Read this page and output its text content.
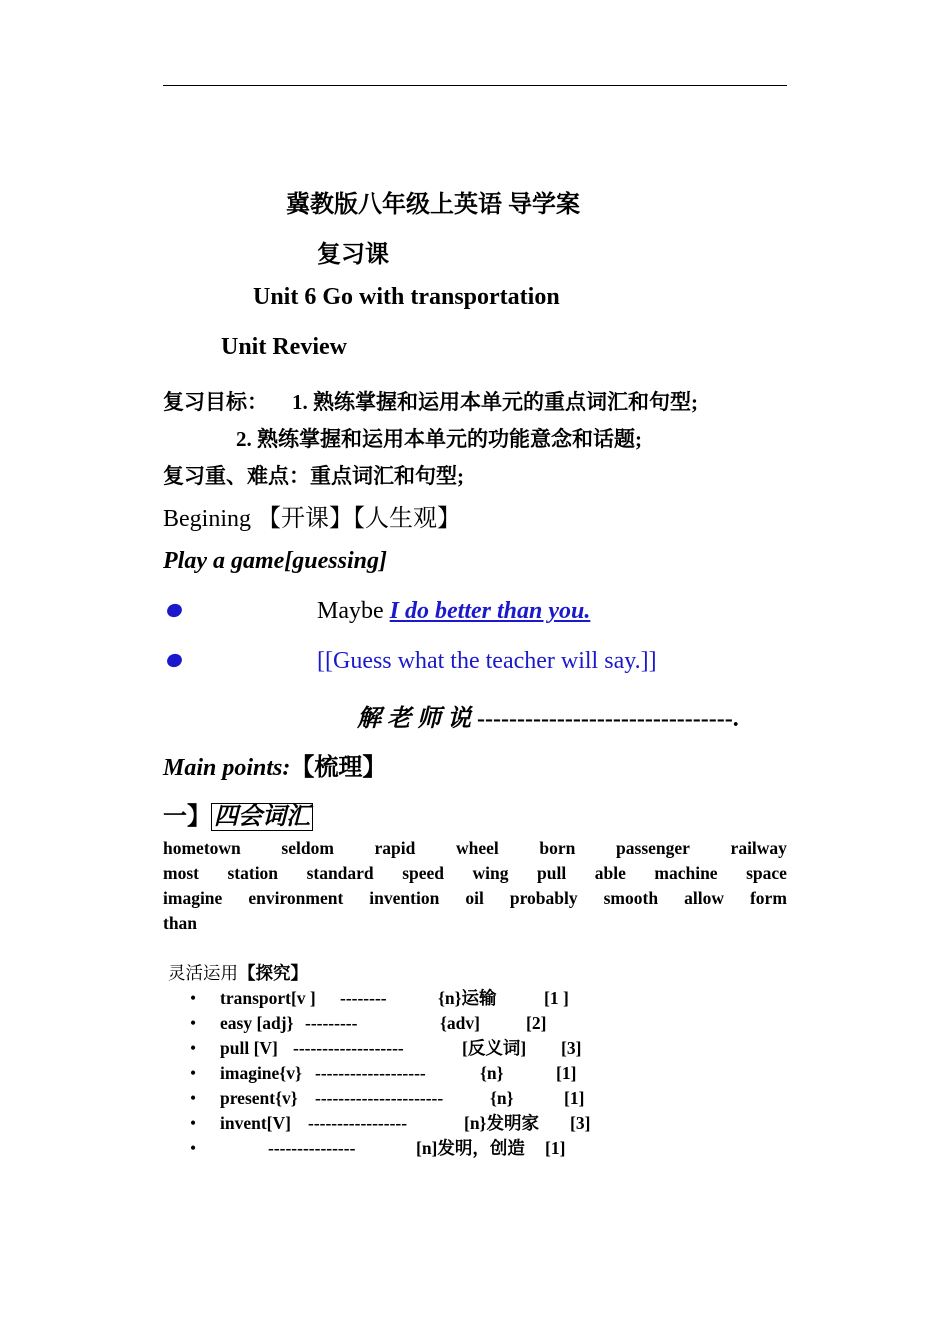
冀教版八年级上英语 导学案
复习课
Unit 6 Go with transportation
Unit Review
复习目标： 1. 熟练掌握和运用本单元的重点词汇和句型;
2. 熟练掌握和运用本单元的功能意念和话题;
复习重、难点：重点词汇和句型;
Begining 【开课】【人生观】
Play a game[guessing]
Maybe I do better than you.
[[Guess what the teacher will say.]]
解老师说--------------------------------.
Main points:【梳理】
一】 四会词汇
hometown seldom rapid wheel born passenger railway
most station standard speed wing pull able machine space
imagine environment invention oil probably smooth allow form
than
灵活运用【探究】
• transport[v ] --------	{n}运输	[1 ]
• easy [adj} ---------	{adv]	[2]
• pull [V] -------------------	[反义词] [3]
• imagine{v} -------------------	{n}	[1]
• present{v} ----------------------	{n}	[1]
• invent[V] -----------------	[n}发明家 [3]
•	---------------	[n]发明，创造 [1]
